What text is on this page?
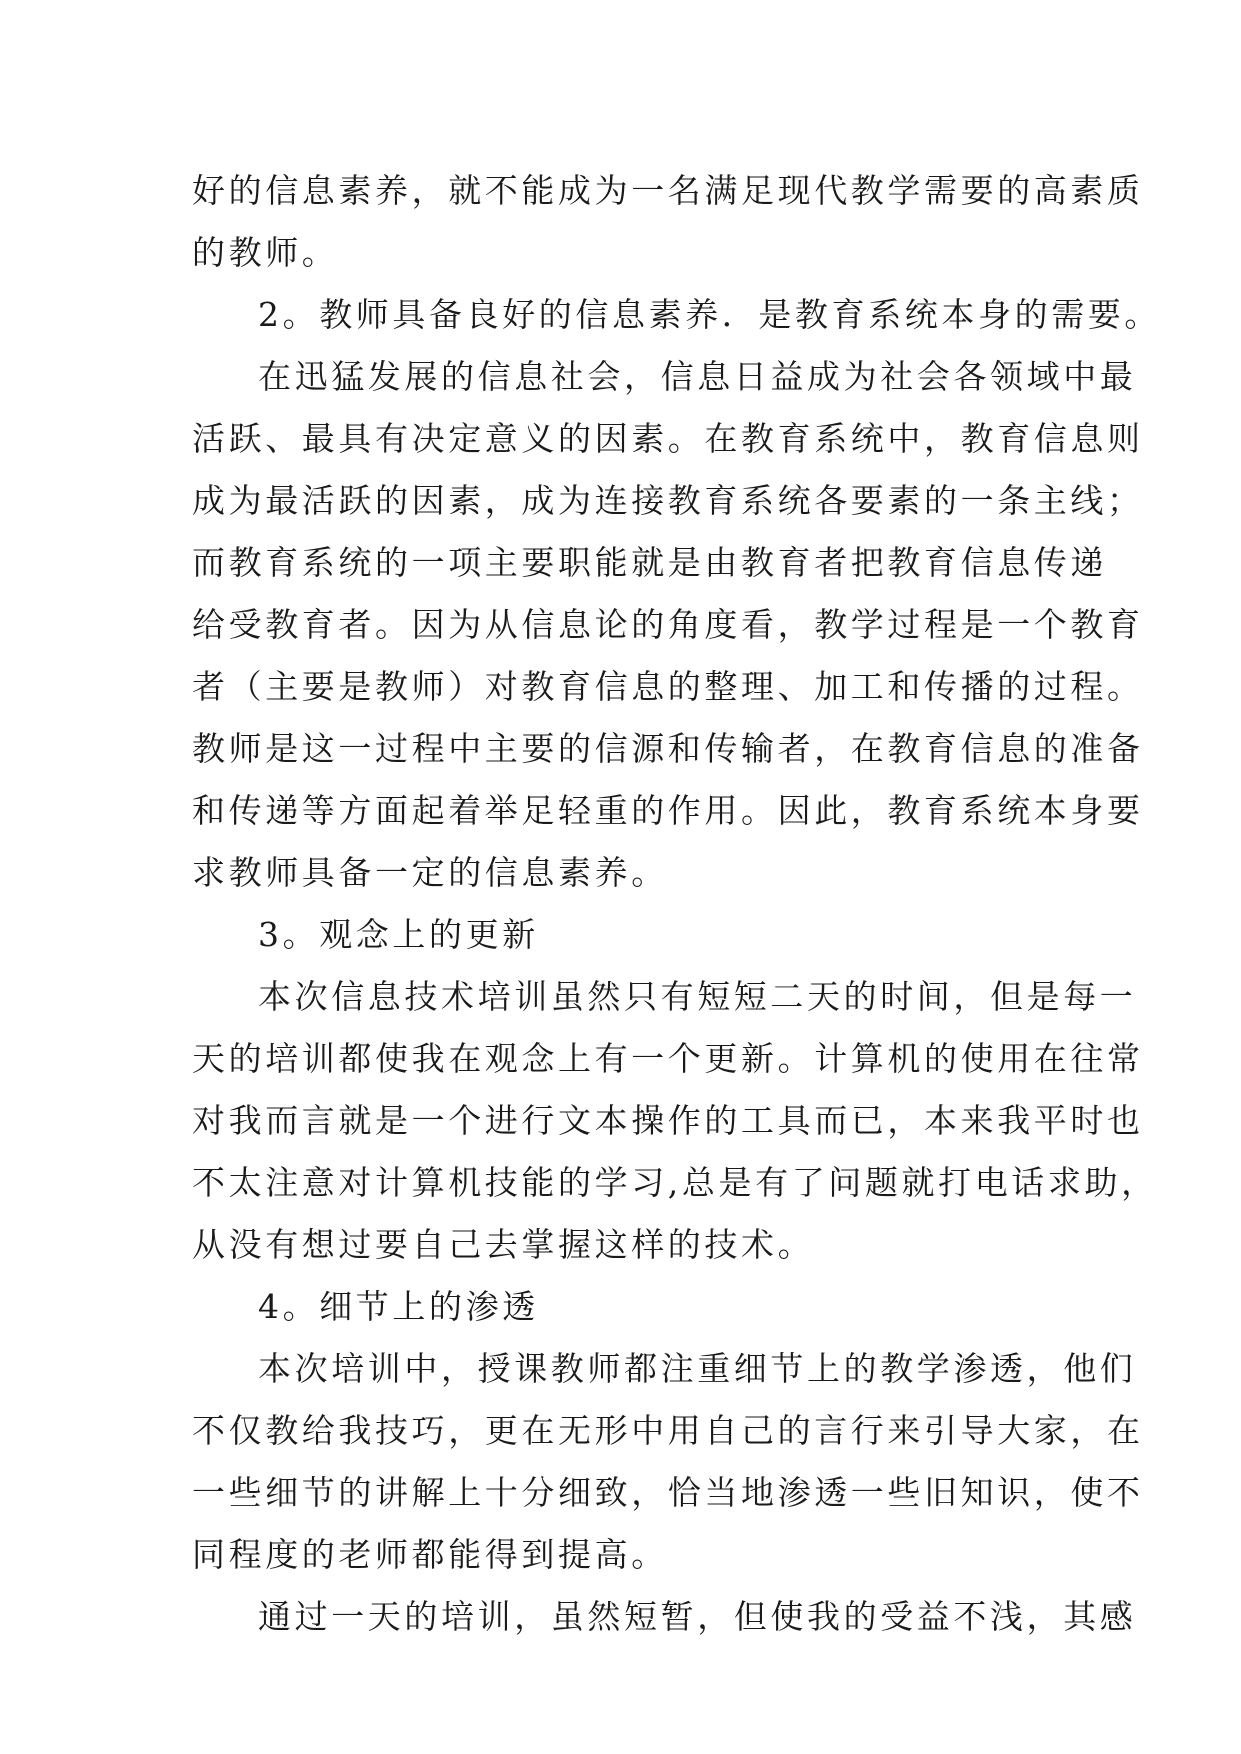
好的信息素养，就不能成为一名满足现代教学需要的高素质
的教师。
2。教师具备良好的信息素养．是教育系统本身的需要。
在迅猛发展的信息社会，信息日益成为社会各领域中最
活跃、最具有决定意义的因素。在教育系统中，教育信息则
成为最活跃的因素，成为连接教育系统各要素的一条主线；
而教育系统的一项主要职能就是由教育者把教育信息传递
给受教育者。因为从信息论的角度看，教学过程是一个教育
者（主要是教师）对教育信息的整理、加工和传播的过程。
教师是这一过程中主要的信源和传输者，在教育信息的准备
和传递等方面起着举足轻重的作用。因此，教育系统本身要
求教师具备一定的信息素养。
3。观念上的更新
本次信息技术培训虽然只有短短二天的时间，但是每一
天的培训都使我在观念上有一个更新。计算机的使用在往常
对我而言就是一个进行文本操作的工具而已，本来我平时也
不太注意对计算机技能的学习,总是有了问题就打电话求助，
从没有想过要自己去掌握这样的技术。
4。细节上的渗透
本次培训中，授课教师都注重细节上的教学渗透，他们
不仅教给我技巧，更在无形中用自己的言行来引导大家，在
一些细节的讲解上十分细致，恰当地渗透一些旧知识，使不
同程度的老师都能得到提高。
通过一天的培训，虽然短暂，但使我的受益不浅，其感
